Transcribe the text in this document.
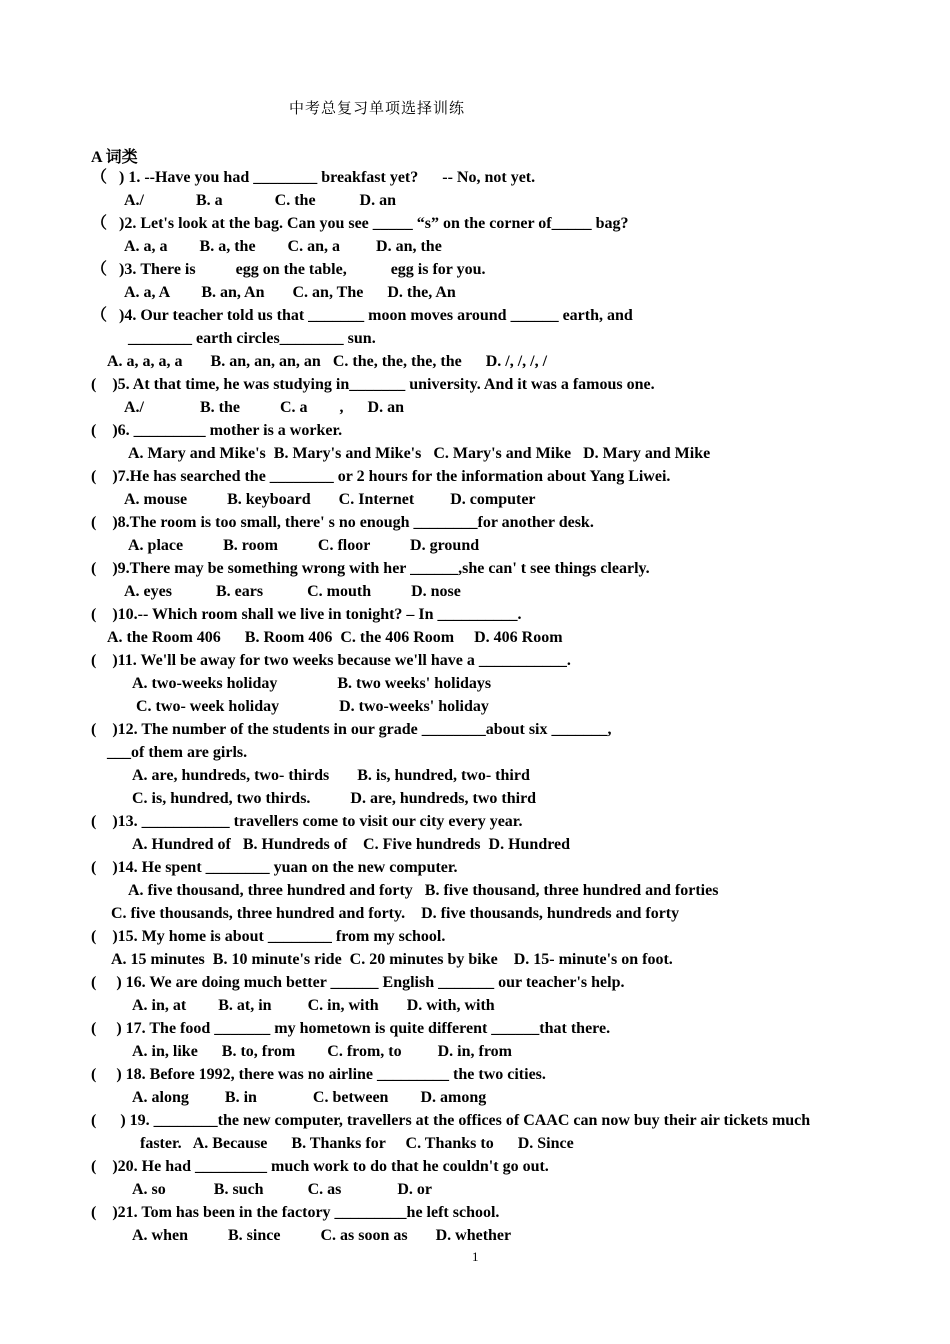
中考总复习单项选择训练
A 词类
（   ) 1. --Have you had ________ breakfast yet?      -- No, not yet.
A./             B. a             C. the           D. an
（   )2. Let's look at the bag. Can you see _____ “s” on the corner of_____ bag?
A. a, a        B. a, the        C. an, a         D. an, the
（   )3. There is          egg on the table,           egg is for you.
A. a, A        B. an, An       C. an, The      D. the, An
（   )4. Our teacher told us that _______ moon moves around ______ earth, and
________ earth circles________ sun.
A. a, a, a, a       B. an, an, an, an   C. the, the, the, the      D. /, /, /, /
(    )5. At that time, he was studying in_______ university. And it was a famous one.
A./              B. the          C. a        ,      D. an
(    )6. _________ mother is a worker.
A. Mary and Mike's  B. Mary's and Mike's   C. Mary's and Mike   D. Mary and Mike
(    )7.He has searched the ________ or 2 hours for the information about Yang Liwei.
A. mouse          B. keyboard       C. Internet         D. computer
(    )8.The room is too small, there' s no enough ________for another desk.
A. place          B. room          C. floor          D. ground
(    )9.There may be something wrong with her ______,she can' t see things clearly.
A. eyes           B. ears           C. mouth          D. nose
(    )10.-- Which room shall we live in tonight? – In __________.
A. the Room 406      B. Room 406  C. the 406 Room     D. 406 Room
(    )11. We'll be away for two weeks because we'll have a ___________.
A. two-weeks holiday               B. two weeks' holidays
C. two- week holiday               D. two-weeks' holiday
(    )12. The number of the students in our grade ________about six _______,
___of them are girls.
A. are, hundreds, two- thirds       B. is, hundred, two- third
C. is, hundred, two thirds.          D. are, hundreds, two third
(    )13. ___________ travellers come to visit our city every year.
A. Hundred of   B. Hundreds of    C. Five hundreds  D. Hundred
(    )14. He spent ________ yuan on the new computer.
A. five thousand, three hundred and forty   B. five thousand, three hundred and forties
C. five thousands, three hundred and forty.    D. five thousands, hundreds and forty
(    )15. My home is about ________ from my school.
A. 15 minutes  B. 10 minute's ride  C. 20 minutes by bike    D. 15- minute's on foot.
(     ) 16. We are doing much better ______ English _______ our teacher's help.
A. in, at        B. at, in         C. in, with       D. with, with
(     ) 17. The food _______ my hometown is quite different ______that there.
A. in, like      B. to, from        C. from, to         D. in, from
(     ) 18. Before 1992, there was no airline _________ the two cities.
A. along         B. in              C. between        D. among
(      ) 19. ________the new computer, travellers at the offices of CAAC can now buy their air tickets much
faster.   A. Because      B. Thanks for     C. Thanks to      D. Since
(    )20. He had _________ much work to do that he couldn't go out.
A. so            B. such           C. as              D. or
(    )21. Tom has been in the factory _________he left school.
A. when          B. since          C. as soon as       D. whether
1
